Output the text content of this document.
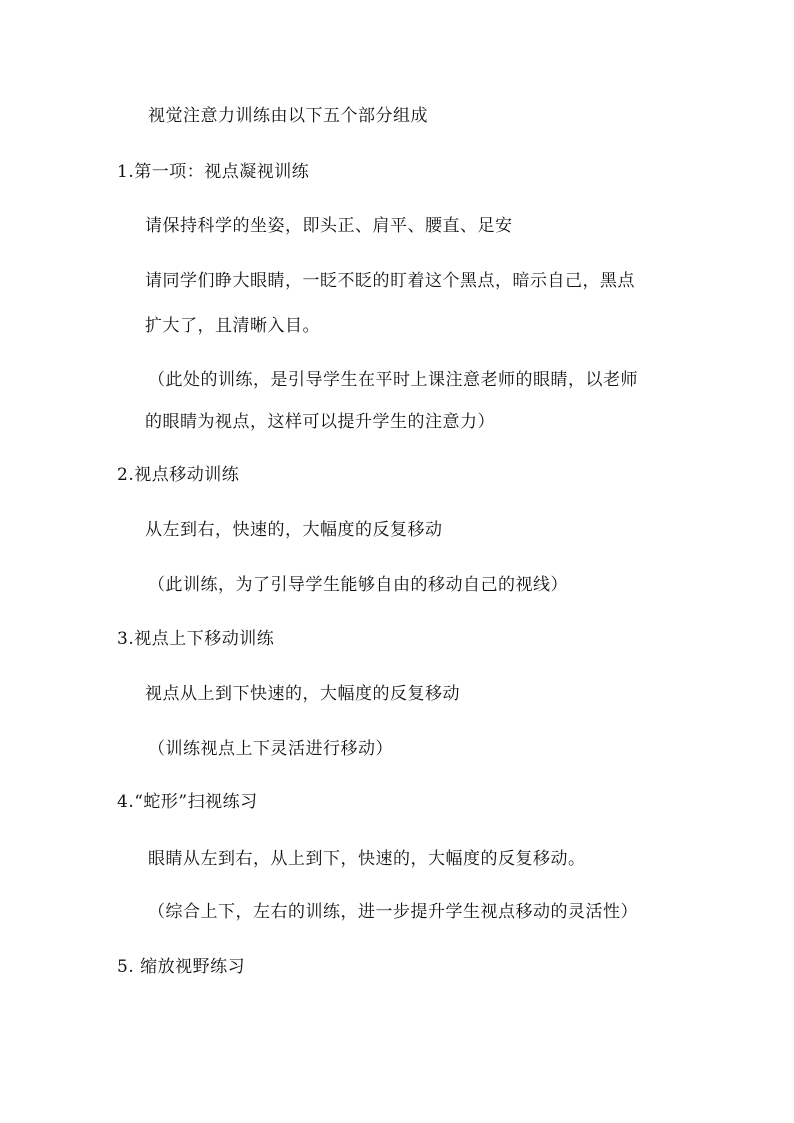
视觉注意力训练由以下五个部分组成
1.第一项：视点凝视训练
请保持科学的坐姿，即头正、肩平、腰直、足安
请同学们睁大眼睛，一眨不眨的盯着这个黑点，暗示自己，黑点
扩大了，且清晰入目。
（此处的训练，是引导学生在平时上课注意老师的眼睛，以老师
的眼睛为视点，这样可以提升学生的注意力）
2.视点移动训练
从左到右，快速的，大幅度的反复移动
（此训练，为了引导学生能够自由的移动自己的视线）
3.视点上下移动训练
视点从上到下快速的，大幅度的反复移动
（训练视点上下灵活进行移动）
4.“蛇形”扫视练习
眼睛从左到右，从上到下，快速的，大幅度的反复移动。
（综合上下，左右的训练，进一步提升学生视点移动的灵活性）
5. 缩放视野练习
